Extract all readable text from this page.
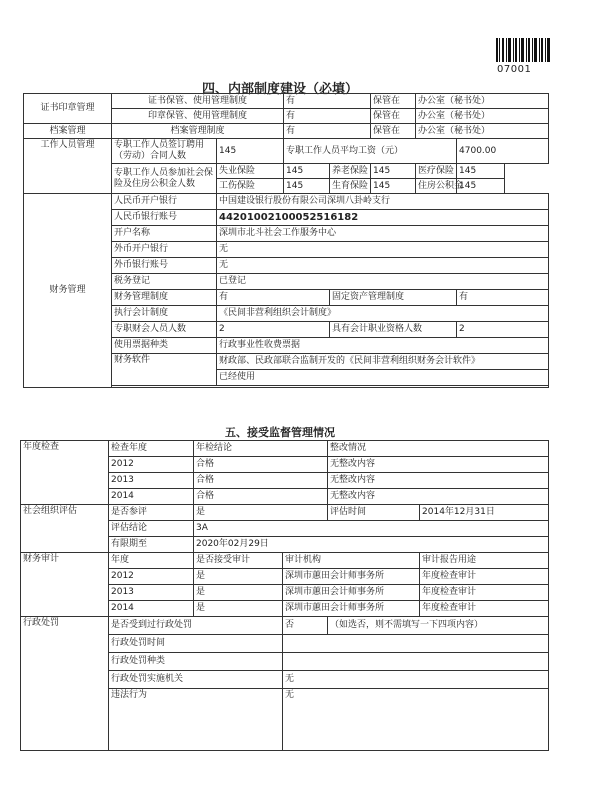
07001
四、内部制度建设（必填）
证书印章管理	证书保管、使用管理制度		有		保管在	办公室（秘书处）	
	印章保管、使用管理制度		有		保管在	办公室（秘书处）	
档案管理	档案管理制度		有		保管在	办公室（秘书处）	
工作人员管理	专职工作人员签订聘用（劳动）合同人数	145	专职工作人员平均工资（元）				4700.00
	专职工作人员参加社会保险及住房公积金人数	失业保险	145	养老保险	145	医疗保险	145
		工伤保险	145	生育保险	145	住房公积金	145
财务管理	人民币开户银行	中国建设银行股份有限公司深圳八卦岭支行					
	人民币银行账号	44201002100052516182					
	开户名称	深圳市北斗社会工作服务中心					
	外币开户银行	无					
	外币银行账号	无					
	税务登记	已登记					
	财务管理制度	有		固定资产管理制度			有
	执行会计制度	《民间非营利组织会计制度》					
	专职财会人员人数	2		具有会计职业资格人数			2
	使用票据种类	行政事业性收费票据					
	财务软件	财政部、民政部联合监制开发的《民间非营利组织财务会计软件》					
		已经使用					

五、接受监督管理情况
年度检查	检查年度	年检结论		整改情况	
	2012	合格		无整改内容	
	2013	合格		无整改内容	
	2014	合格		无整改内容	
社会组织评估	是否参评	是		评估时间	2014年12月31日
	评估结论	3A			
	有限期至	2020年02月29日			
财务审计	年度	是否接受审计	审计机构		审计报告用途
	2012	是	深圳市蕙田会计师事务所		年度检查审计
	2013	是	深圳市蕙田会计师事务所		年度检查审计
	2014	是	深圳市蕙田会计师事务所		年度检查审计
行政处罚	是否受到过行政处罚		否	（如选否，则不需填写一下四项内容）	
	行政处罚时间				
	行政处罚种类				
	行政处罚实施机关		无		
	违法行为		无		
